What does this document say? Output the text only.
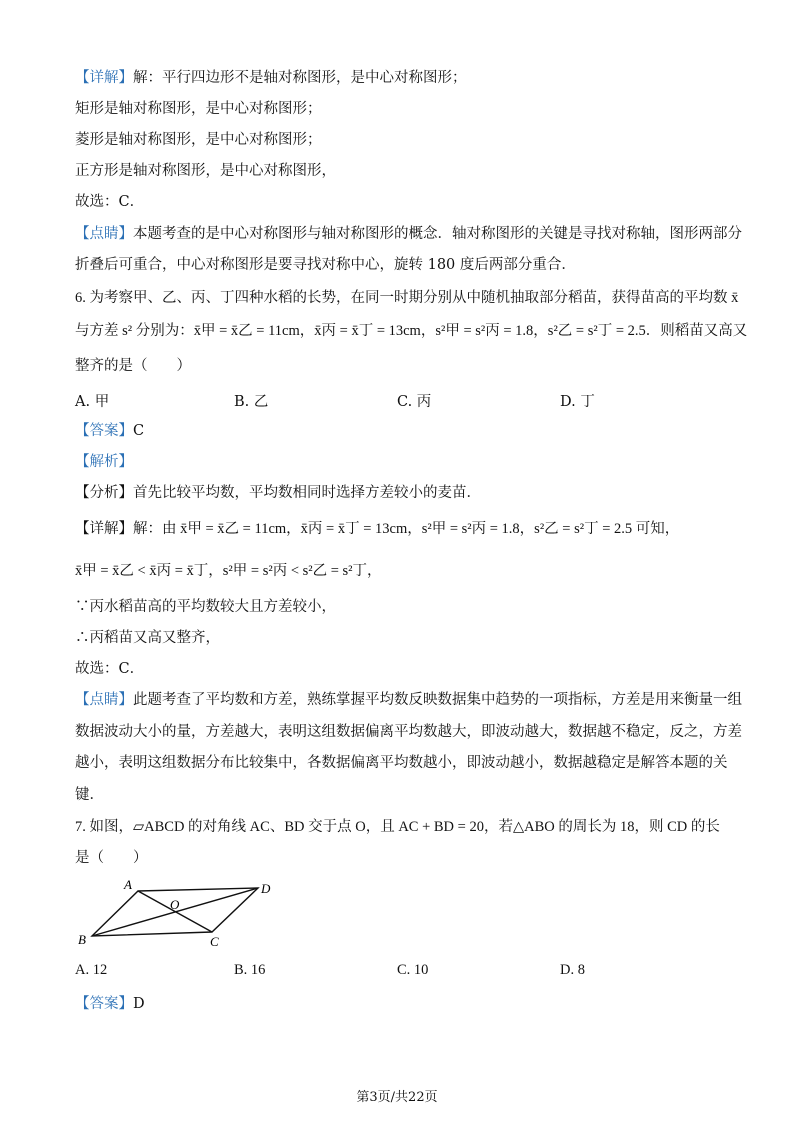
【详解】解：平行四边形不是轴对称图形，是中心对称图形；
矩形是轴对称图形，是中心对称图形；
菱形是轴对称图形，是中心对称图形；
正方形是轴对称图形，是中心对称图形，
故选：C．
【点睛】本题考查的是中心对称图形与轴对称图形的概念．轴对称图形的关键是寻找对称轴，图形两部分
折叠后可重合，中心对称图形是要寻找对称中心，旋转 180 度后两部分重合．
6. 为考察甲、乙、丙、丁四种水稻的长势，在同一时期分别从中随机抽取部分稻苗，获得苗高的平均数 x̄
与方差 s² 分别为：x̄甲 = x̄乙 = 11cm，x̄丙 = x̄丁 = 13cm，s²甲 = s²丙 = 1.8，s²乙 = s²丁 = 2.5．则稻苗又高又
整齐的是（　　）
A. 甲	B. 乙	C. 丙	D. 丁
【答案】C
【解析】
【分析】首先比较平均数，平均数相同时选择方差较小的麦苗．
【详解】解：由 x̄甲 = x̄乙 = 11cm，x̄丙 = x̄丁 = 13cm，s²甲 = s²丙 = 1.8，s²乙 = s²丁 = 2.5 可知，
x̄甲 = x̄乙 < x̄丙 = x̄丁，s²甲 = s²丙 < s²乙 = s²丁，
∵丙水稻苗高的平均数较大且方差较小，
∴丙稻苗又高又整齐，
故选：C．
【点睛】此题考查了平均数和方差，熟练掌握平均数反映数据集中趋势的一项指标，方差是用来衡量一组
数据波动大小的量，方差越大，表明这组数据偏离平均数越大，即波动越大，数据越不稳定，反之，方差
越小，表明这组数据分布比较集中，各数据偏离平均数越小，即波动越小，数据越稳定是解答本题的关
键．
7. 如图，▱ABCD 的对角线 AC、BD 交于点 O，且 AC + BD = 20，若△ABO 的周长为 18，则 CD 的长
是（　　）
A	D
B	C
O
A. 12	B. 16	C. 10	D. 8
【答案】D
第3页/共22页
